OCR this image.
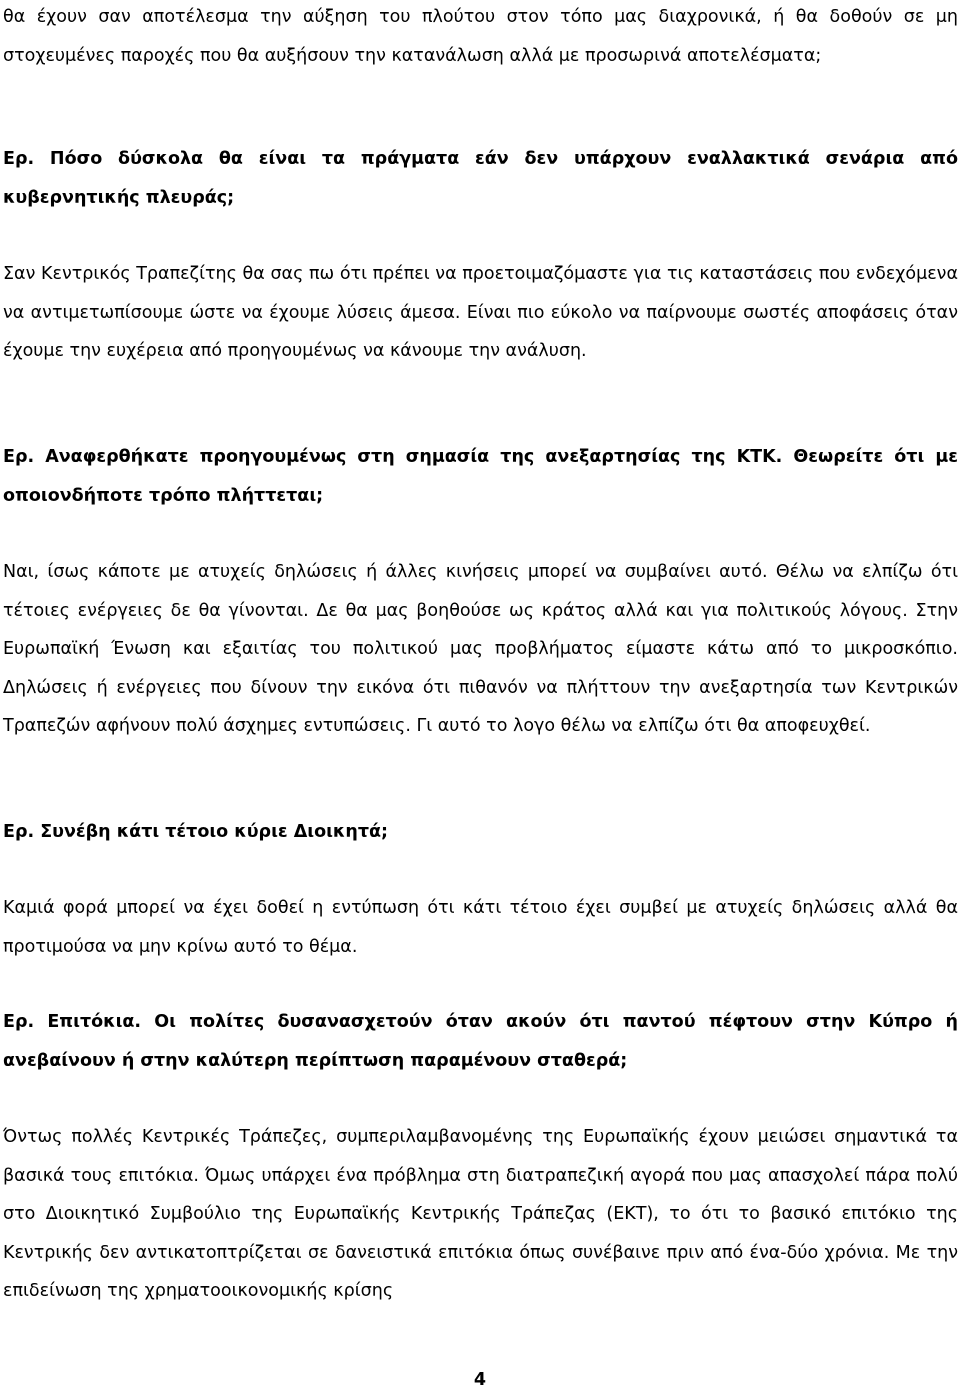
θα έχουν σαν αποτέλεσμα την αύξηση του πλούτου στον τόπο μας διαχρονικά, ή θα δοθούν σε μη στοχευμένες παροχές που θα αυξήσουν την κατανάλωση αλλά με προσωρινά αποτελέσματα;

Ερ. Πόσο δύσκολα θα είναι τα πράγματα εάν δεν υπάρχουν εναλλακτικά σενάρια από κυβερνητικής πλευράς;

Σαν Κεντρικός Τραπεζίτης θα σας πω ότι πρέπει να προετοιμαζόμαστε για τις καταστάσεις που ενδεχόμενα να αντιμετωπίσουμε ώστε να έχουμε λύσεις άμεσα. Είναι πιο εύκολο να παίρνουμε σωστές αποφάσεις όταν έχουμε την ευχέρεια από προηγουμένως να κάνουμε την ανάλυση.

Ερ. Αναφερθήκατε προηγουμένως στη σημασία της ανεξαρτησίας της ΚΤΚ. Θεωρείτε ότι με οποιονδήποτε τρόπο πλήττεται;

Ναι, ίσως κάποτε με ατυχείς δηλώσεις ή άλλες κινήσεις μπορεί να συμβαίνει αυτό. Θέλω να ελπίζω ότι τέτοιες ενέργειες δε θα γίνονται. Δε θα μας βοηθούσε ως κράτος αλλά και για πολιτικούς λόγους. Στην Ευρωπαϊκή Ένωση και εξαιτίας του πολιτικού μας προβλήματος είμαστε κάτω από το μικροσκόπιο. Δηλώσεις ή ενέργειες που δίνουν την εικόνα ότι πιθανόν να πλήττουν την ανεξαρτησία των Κεντρικών Τραπεζών αφήνουν πολύ άσχημες εντυπώσεις. Γι αυτό το λογο θέλω να ελπίζω ότι θα αποφευχθεί.

Ερ. Συνέβη κάτι τέτοιο κύριε Διοικητά;

Καμιά φορά μπορεί να έχει δοθεί η εντύπωση ότι κάτι τέτοιο έχει συμβεί με ατυχείς δηλώσεις αλλά θα προτιμούσα να μην κρίνω αυτό το θέμα.

Ερ. Επιτόκια. Οι πολίτες δυσανασχετούν όταν ακούν ότι παντού πέφτουν στην Κύπρο ή ανεβαίνουν ή στην καλύτερη περίπτωση παραμένουν σταθερά;

Όντως πολλές Κεντρικές Τράπεζες, συμπεριλαμβανομένης της Ευρωπαϊκής έχουν μειώσει σημαντικά τα βασικά τους επιτόκια. Όμως υπάρχει ένα πρόβλημα στη διατραπεζική αγορά που μας απασχολεί πάρα πολύ στο Διοικητικό Συμβούλιο της Ευρωπαϊκής Κεντρικής Τράπεζας (ΕΚΤ), το ότι το βασικό επιτόκιο της Κεντρικής δεν αντικατοπτρίζεται σε δανειστικά επιτόκια όπως συνέβαινε πριν από ένα-δύο χρόνια. Με την επιδείνωση της χρηματοοικονομικής κρίσης

4
